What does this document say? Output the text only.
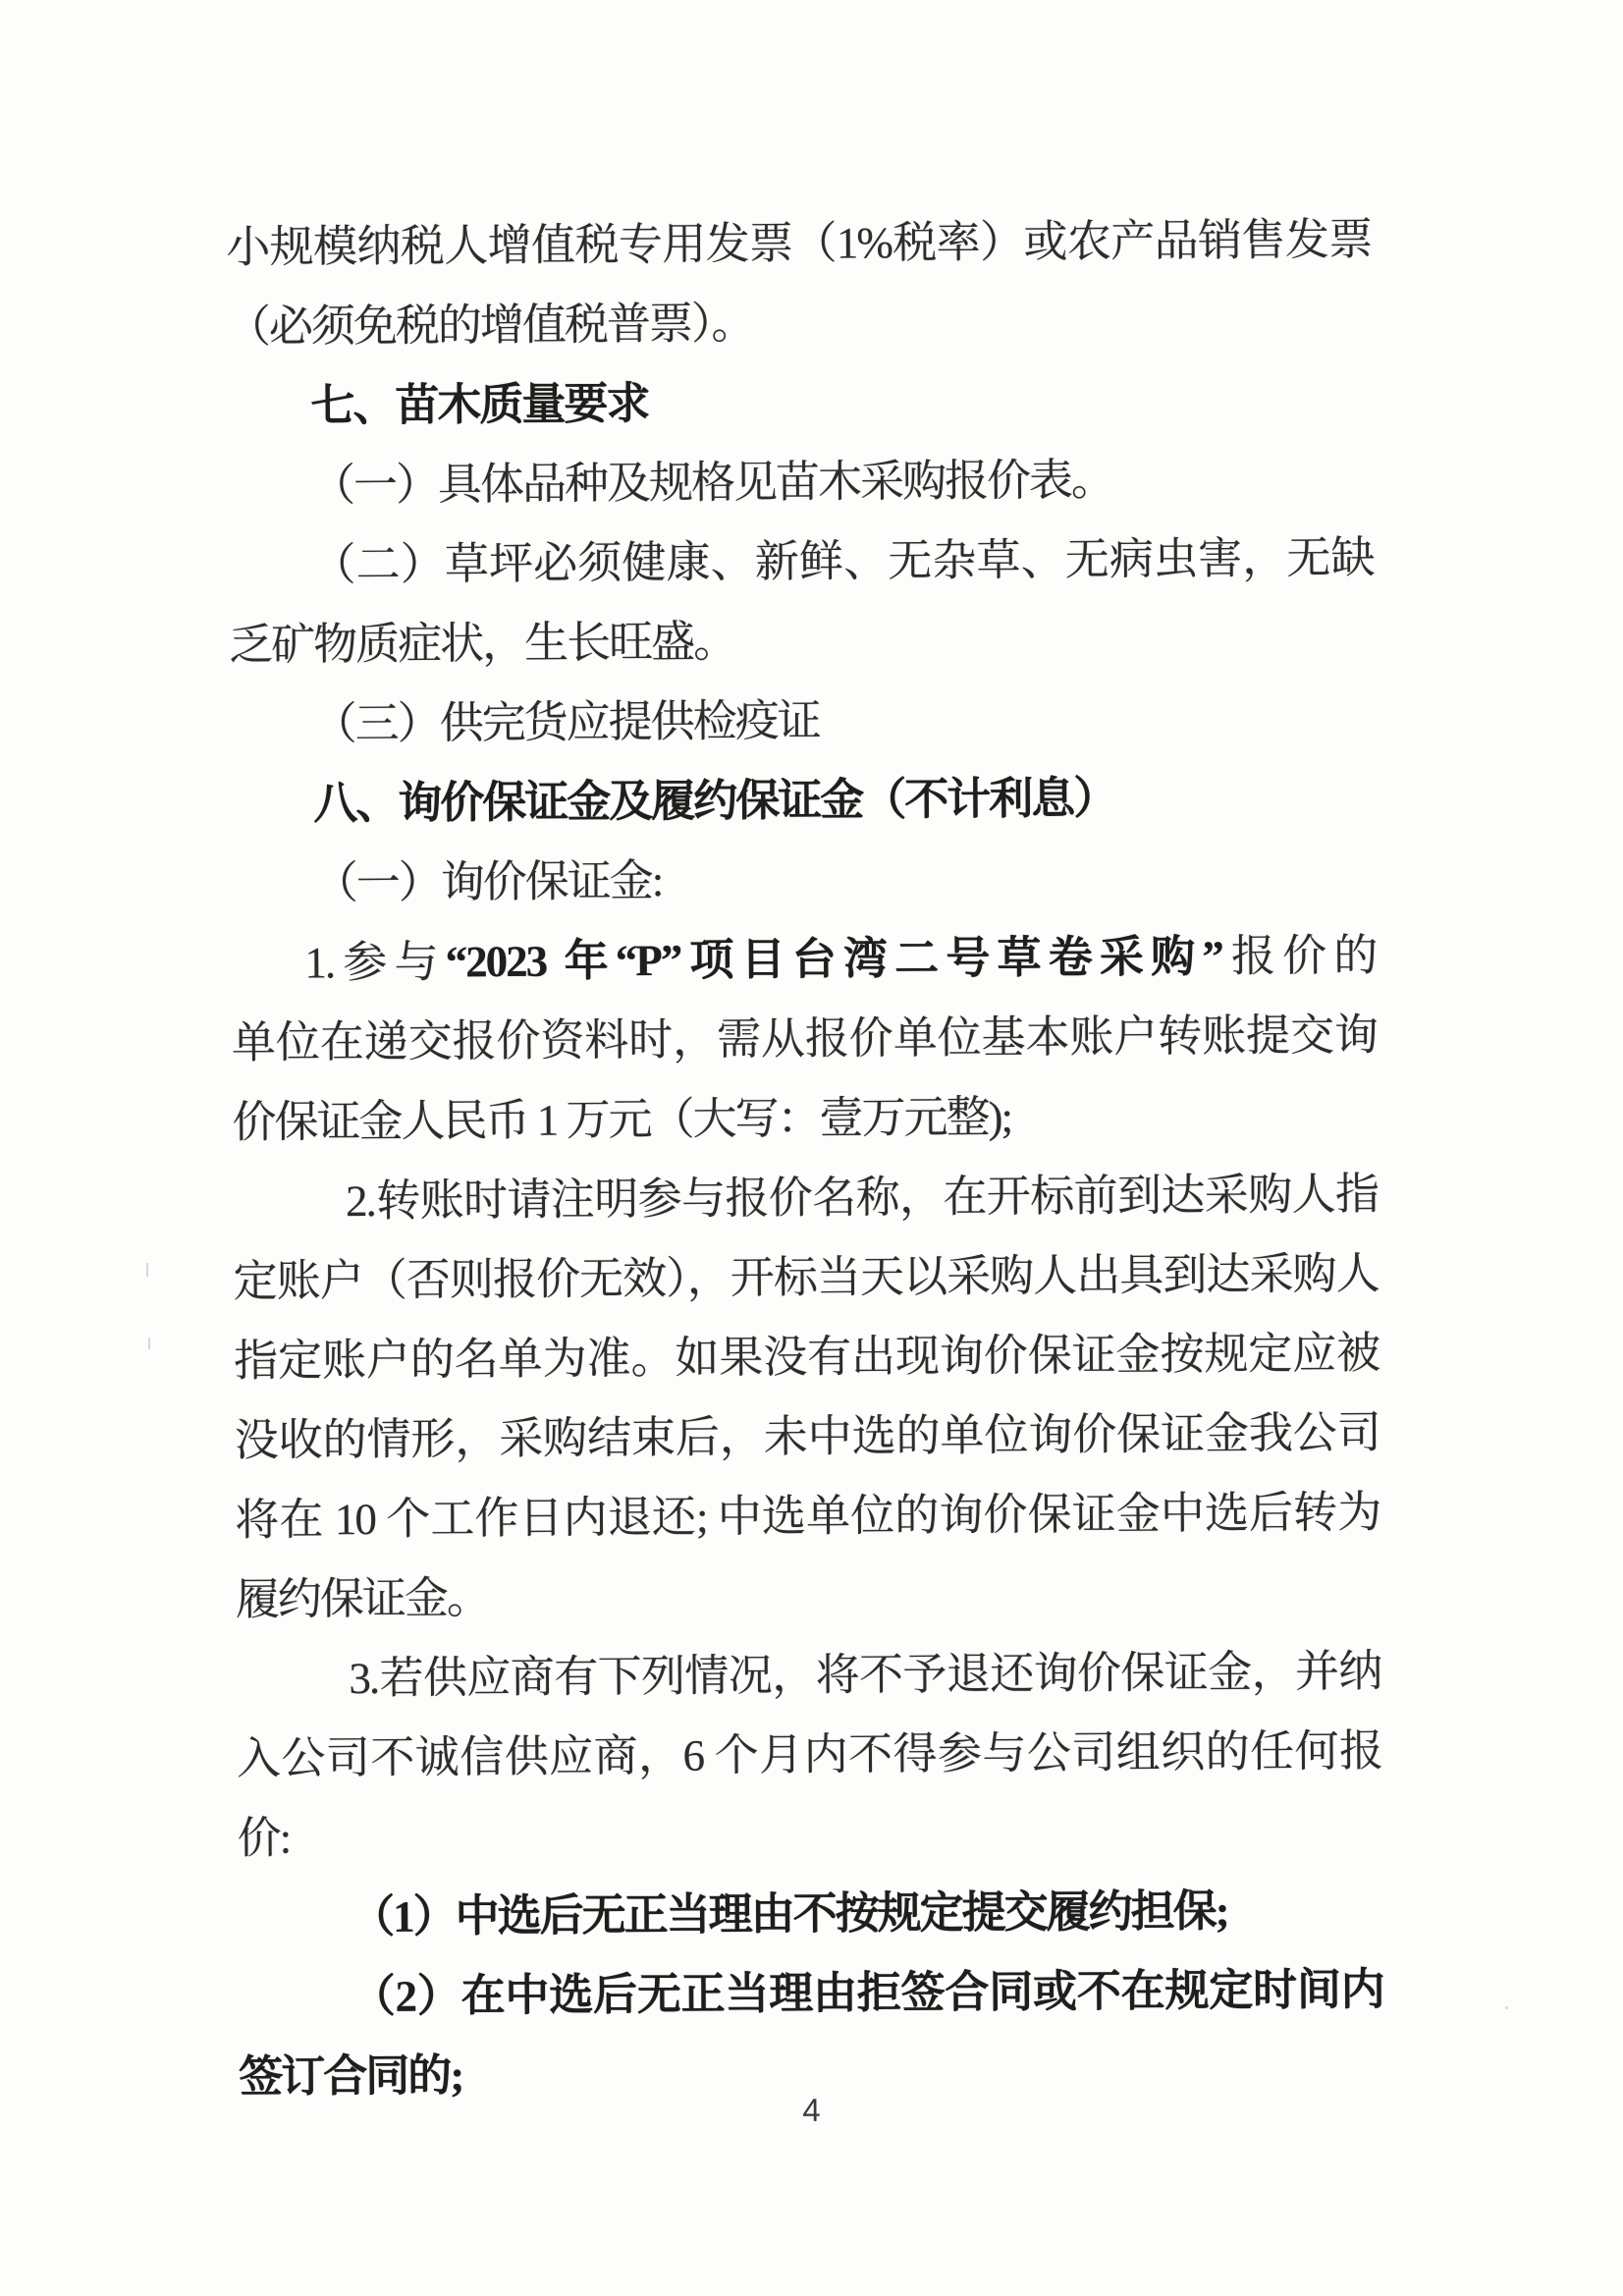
小规模纳税人增值税专用发票（1%税率）或农产品销售发票
（必须免税的增值税普票）。
七、苗木质量要求
（一）具体品种及规格见苗木采购报价表。
（二）草坪必须健康、新鲜、无杂草、无病虫害，无缺
乏矿物质症状，生长旺盛。
（三）供完货应提供检疫证
八、询价保证金及履约保证金（不计利息）
（一）询价保证金:
1.参与“2023 年“P”项目台湾二号草卷采购”报价的
单位在递交报价资料时，需从报价单位基本账户转账提交询
价保证金人民币 1 万元（大写：壹万元整);
2.转账时请注明参与报价名称，在开标前到达采购人指
定账户（否则报价无效），开标当天以采购人出具到达采购人
指定账户的名单为准。如果没有出现询价保证金按规定应被
没收的情形，采购结束后，未中选的单位询价保证金我公司
将在 10 个工作日内退还; 中选单位的询价保证金中选后转为
履约保证金。
3.若供应商有下列情况，将不予退还询价保证金，并纳
入公司不诚信供应商，6 个月内不得参与公司组织的任何报
价:
（1）中选后无正当理由不按规定提交履约担保;
（2）在中选后无正当理由拒签合同或不在规定时间内
签订合同的;
4
